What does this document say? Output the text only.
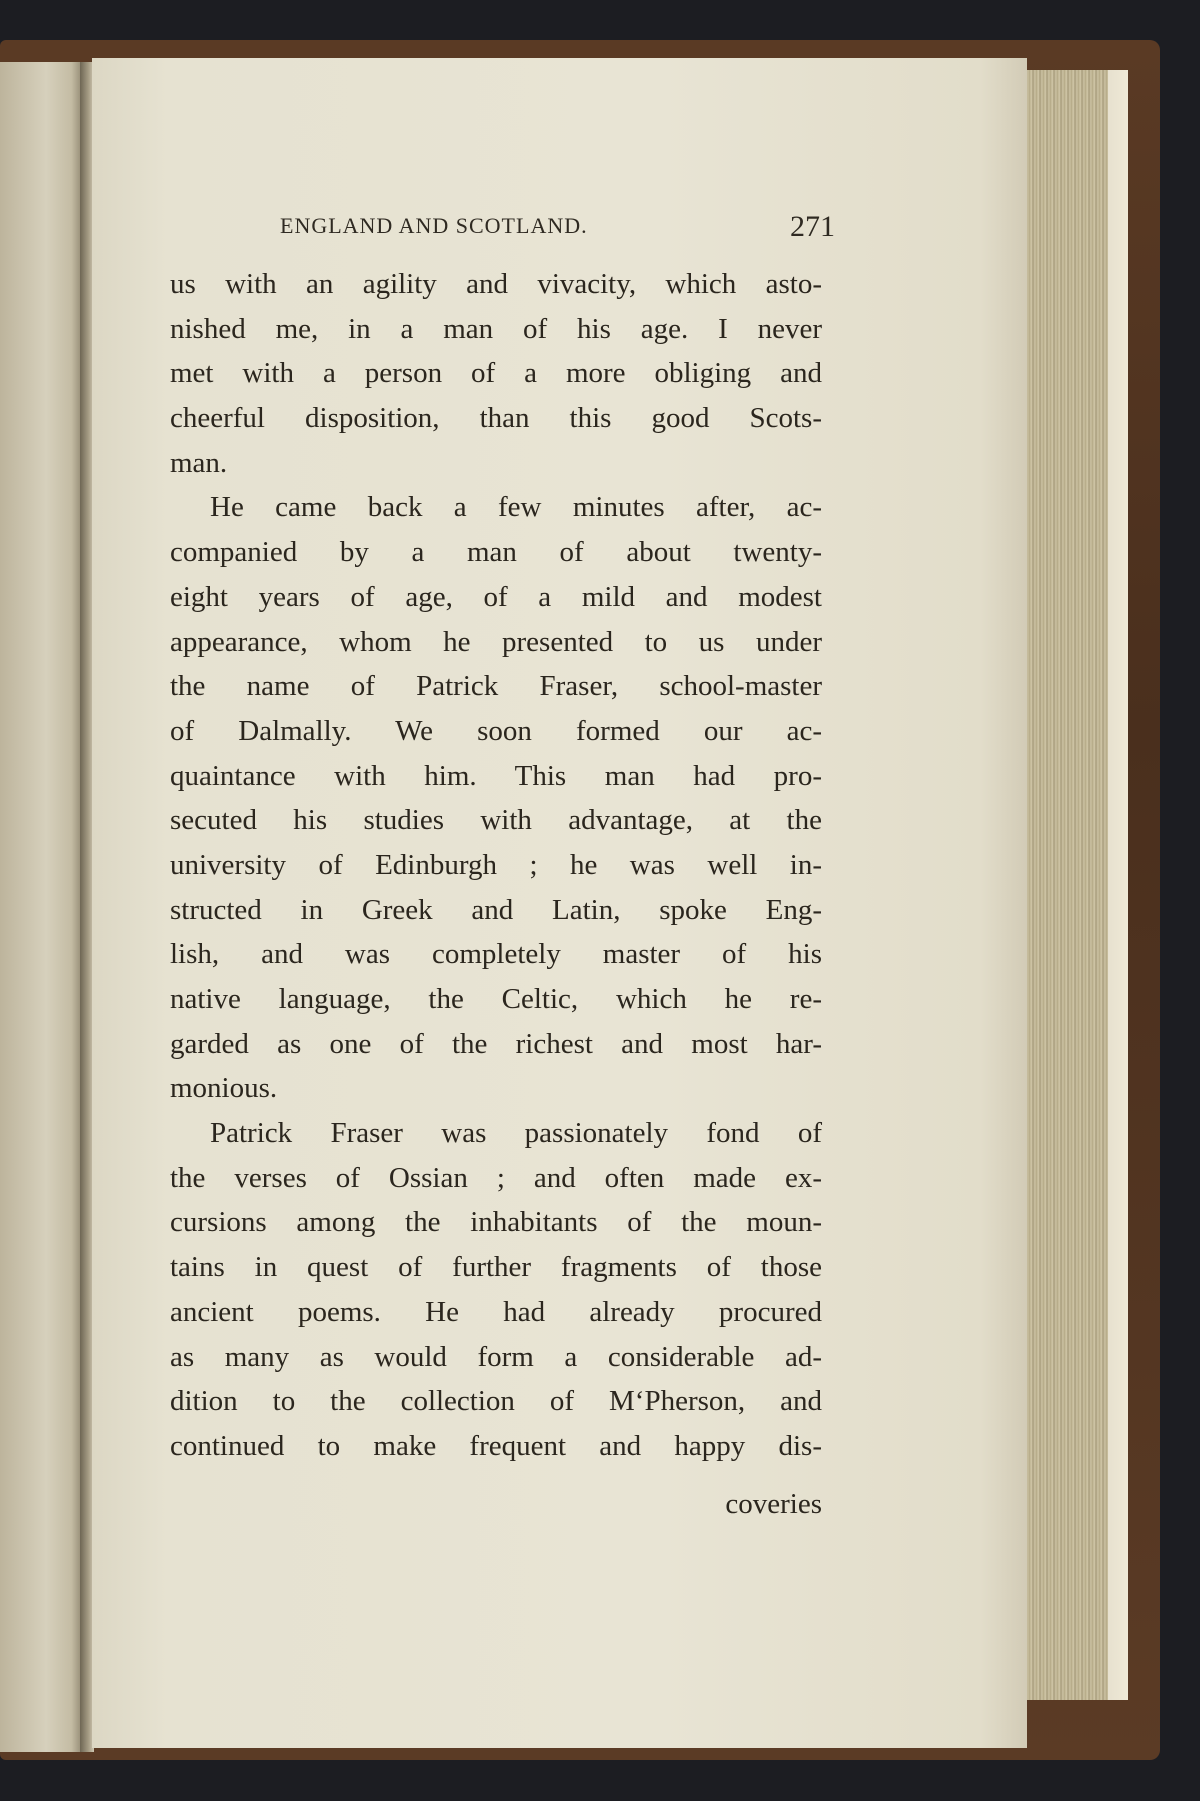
ENGLAND AND SCOTLAND.	271
us with an agility and vivacity, which asto-
nished me, in a man of his age. I never
met with a person of a more obliging and
cheerful disposition, than this good Scots-
man.
He came back a few minutes after, ac-
companied by a man of about twenty-
eight years of age, of a mild and modest
appearance, whom he presented to us under
the name of Patrick Fraser, school-master
of Dalmally. We soon formed our ac-
quaintance with him. This man had pro-
secuted his studies with advantage, at the
university of Edinburgh ; he was well in-
structed in Greek and Latin, spoke Eng-
lish, and was completely master of his
native language, the Celtic, which he re-
garded as one of the richest and most har-
monious.
Patrick Fraser was passionately fond of
the verses of Ossian ; and often made ex-
cursions among the inhabitants of the moun-
tains in quest of further fragments of those
ancient poems. He had already procured
as many as would form a considerable ad-
dition to the collection of M‘Pherson, and
continued to make frequent and happy dis-
coveries
